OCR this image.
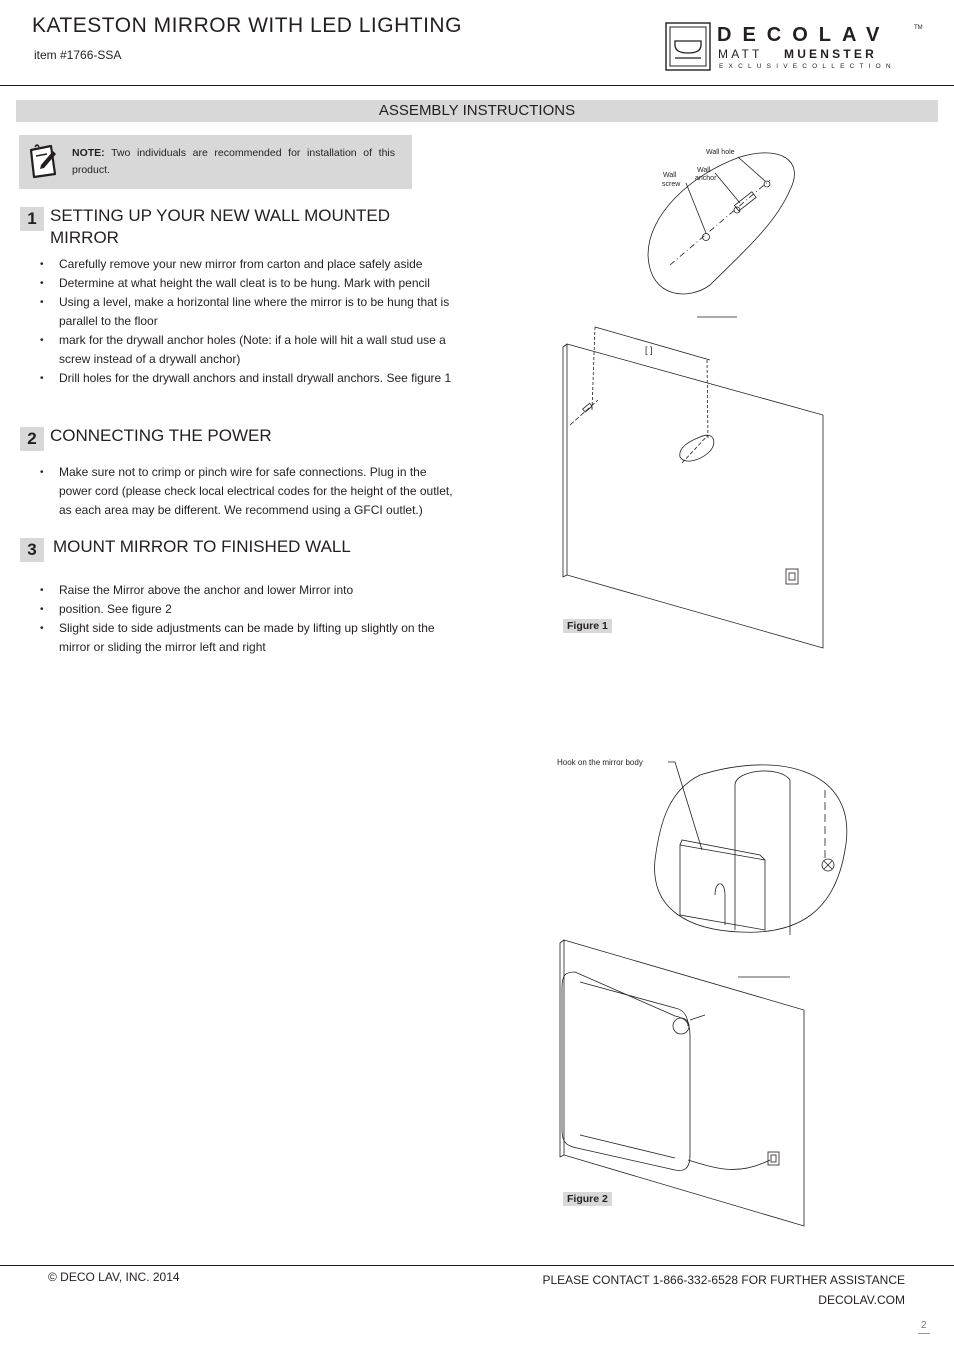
KATESTON MIRROR WITH LED LIGHTING
item #1766-SSA
DECOLAV	TM
MATT MUENSTER
EXCLUSIVECOLLECTION
ASSEMBLY INSTRUCTIONS
NOTE: Two individuals are recommended for installation of this product.
1 SETTING UP YOUR NEW WALL MOUNTED MIRROR
• Carefully remove your new mirror from carton and place safely aside
• Determine at what height the wall cleat is to be hung. Mark with pencil
• Using a level, make a horizontal line where the mirror is to be hung that is parallel to the floor
• mark for the drywall anchor holes (Note: if a hole will hit a wall stud use a screw instead of a drywall anchor)
• Drill holes for the drywall anchors and install drywall anchors. See figure 1
2 CONNECTING THE POWER
• Make sure not to crimp or pinch wire for safe connections. Plug in the power cord (please check local electrical codes for the height of the outlet, as each area may be different. We recommend using a GFCI outlet.)
3 MOUNT MIRROR TO FINISHED WALL
• Raise the Mirror above the anchor and lower Mirror into
• position. See figure 2
• Slight side to side adjustments can be made by lifting up slightly on the mirror or sliding the mirror left and right
Wall hole
Wall
anchor
Wall
screw
[ ]
Figure 1
Hook on the mirror body
Figure 2
© DECO LAV, INC. 2014	PLEASE CONTACT 1-866-332-6528 FOR FURTHER ASSISTANCE
DECOLAV.COM
2
